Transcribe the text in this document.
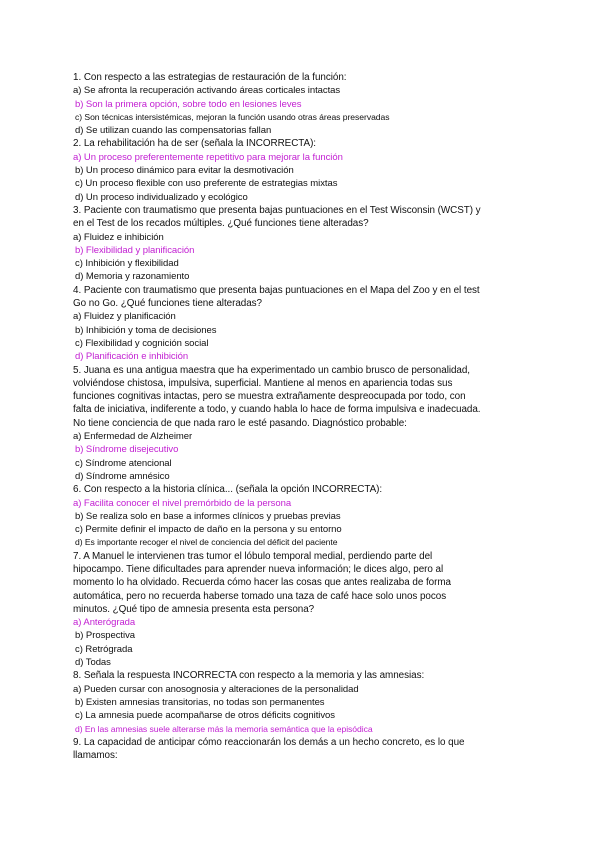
1. Con respecto a las estrategias de restauración de la función:
a) Se afronta la recuperación activando áreas corticales intactas
b) Son la primera opción, sobre todo en lesiones leves
c) Son técnicas intersistémicas, mejoran la función usando otras áreas preservadas
d) Se utilizan cuando las compensatorias fallan
2. La rehabilitación ha de ser (señala la INCORRECTA):
a) Un proceso preferentemente repetitivo para mejorar la función
b) Un proceso dinámico para evitar la desmotivación
c) Un proceso flexible con uso preferente de estrategias mixtas
d) Un proceso individualizado y ecológico
3. Paciente con traumatismo que presenta bajas puntuaciones en el Test Wisconsin (WCST) y
en el Test de los recados múltiples. ¿Qué funciones tiene alteradas?
a) Fluidez e inhibición
b) Flexibilidad y planificación
c) Inhibición y flexibilidad
d) Memoria y razonamiento
4. Paciente con traumatismo que presenta bajas puntuaciones en el Mapa del Zoo y en el test
Go no Go. ¿Qué funciones tiene alteradas?
a) Fluidez y planificación
b) Inhibición y toma de decisiones
c) Flexibilidad y cognición social
d) Planificación e inhibición
5. Juana es una antigua maestra que ha experimentado un cambio brusco de personalidad,
volviéndose chistosa, impulsiva, superficial. Mantiene al menos en apariencia todas sus
funciones cognitivas intactas, pero se muestra extrañamente despreocupada por todo, con
falta de iniciativa, indiferente a todo, y cuando habla lo hace de forma impulsiva e inadecuada.
No tiene conciencia de que nada raro le esté pasando. Diagnóstico probable:
a) Enfermedad de Alzheimer
b) Síndrome disejecutivo
c) Síndrome atencional
d) Síndrome amnésico
6. Con respecto a la historia clínica... (señala la opción INCORRECTA):
a) Facilita conocer el nivel premórbido de la persona
b) Se realiza solo en base a informes clínicos y pruebas previas
c) Permite definir el impacto de daño en la persona y su entorno
d) Es importante recoger el nivel de conciencia del déficit del paciente
7. A Manuel le intervienen tras tumor el lóbulo temporal medial, perdiendo parte del
hipocampo. Tiene dificultades para aprender nueva información; le dices algo, pero al
momento lo ha olvidado. Recuerda cómo hacer las cosas que antes realizaba de forma
automática, pero no recuerda haberse tomado una taza de café hace solo unos pocos
minutos. ¿Qué tipo de amnesia presenta esta persona?
a) Anterógrada
b) Prospectiva
c) Retrógrada
d) Todas
8. Señala la respuesta INCORRECTA con respecto a la memoria y las amnesias:
a) Pueden cursar con anosognosia y alteraciones de la personalidad
b) Existen amnesias transitorias, no todas son permanentes
c) La amnesia puede acompañarse de otros déficits cognitivos
d) En las amnesias suele alterarse más la memoria semántica que la episódica
9. La capacidad de anticipar cómo reaccionarán los demás a un hecho concreto, es lo que
llamamos:
